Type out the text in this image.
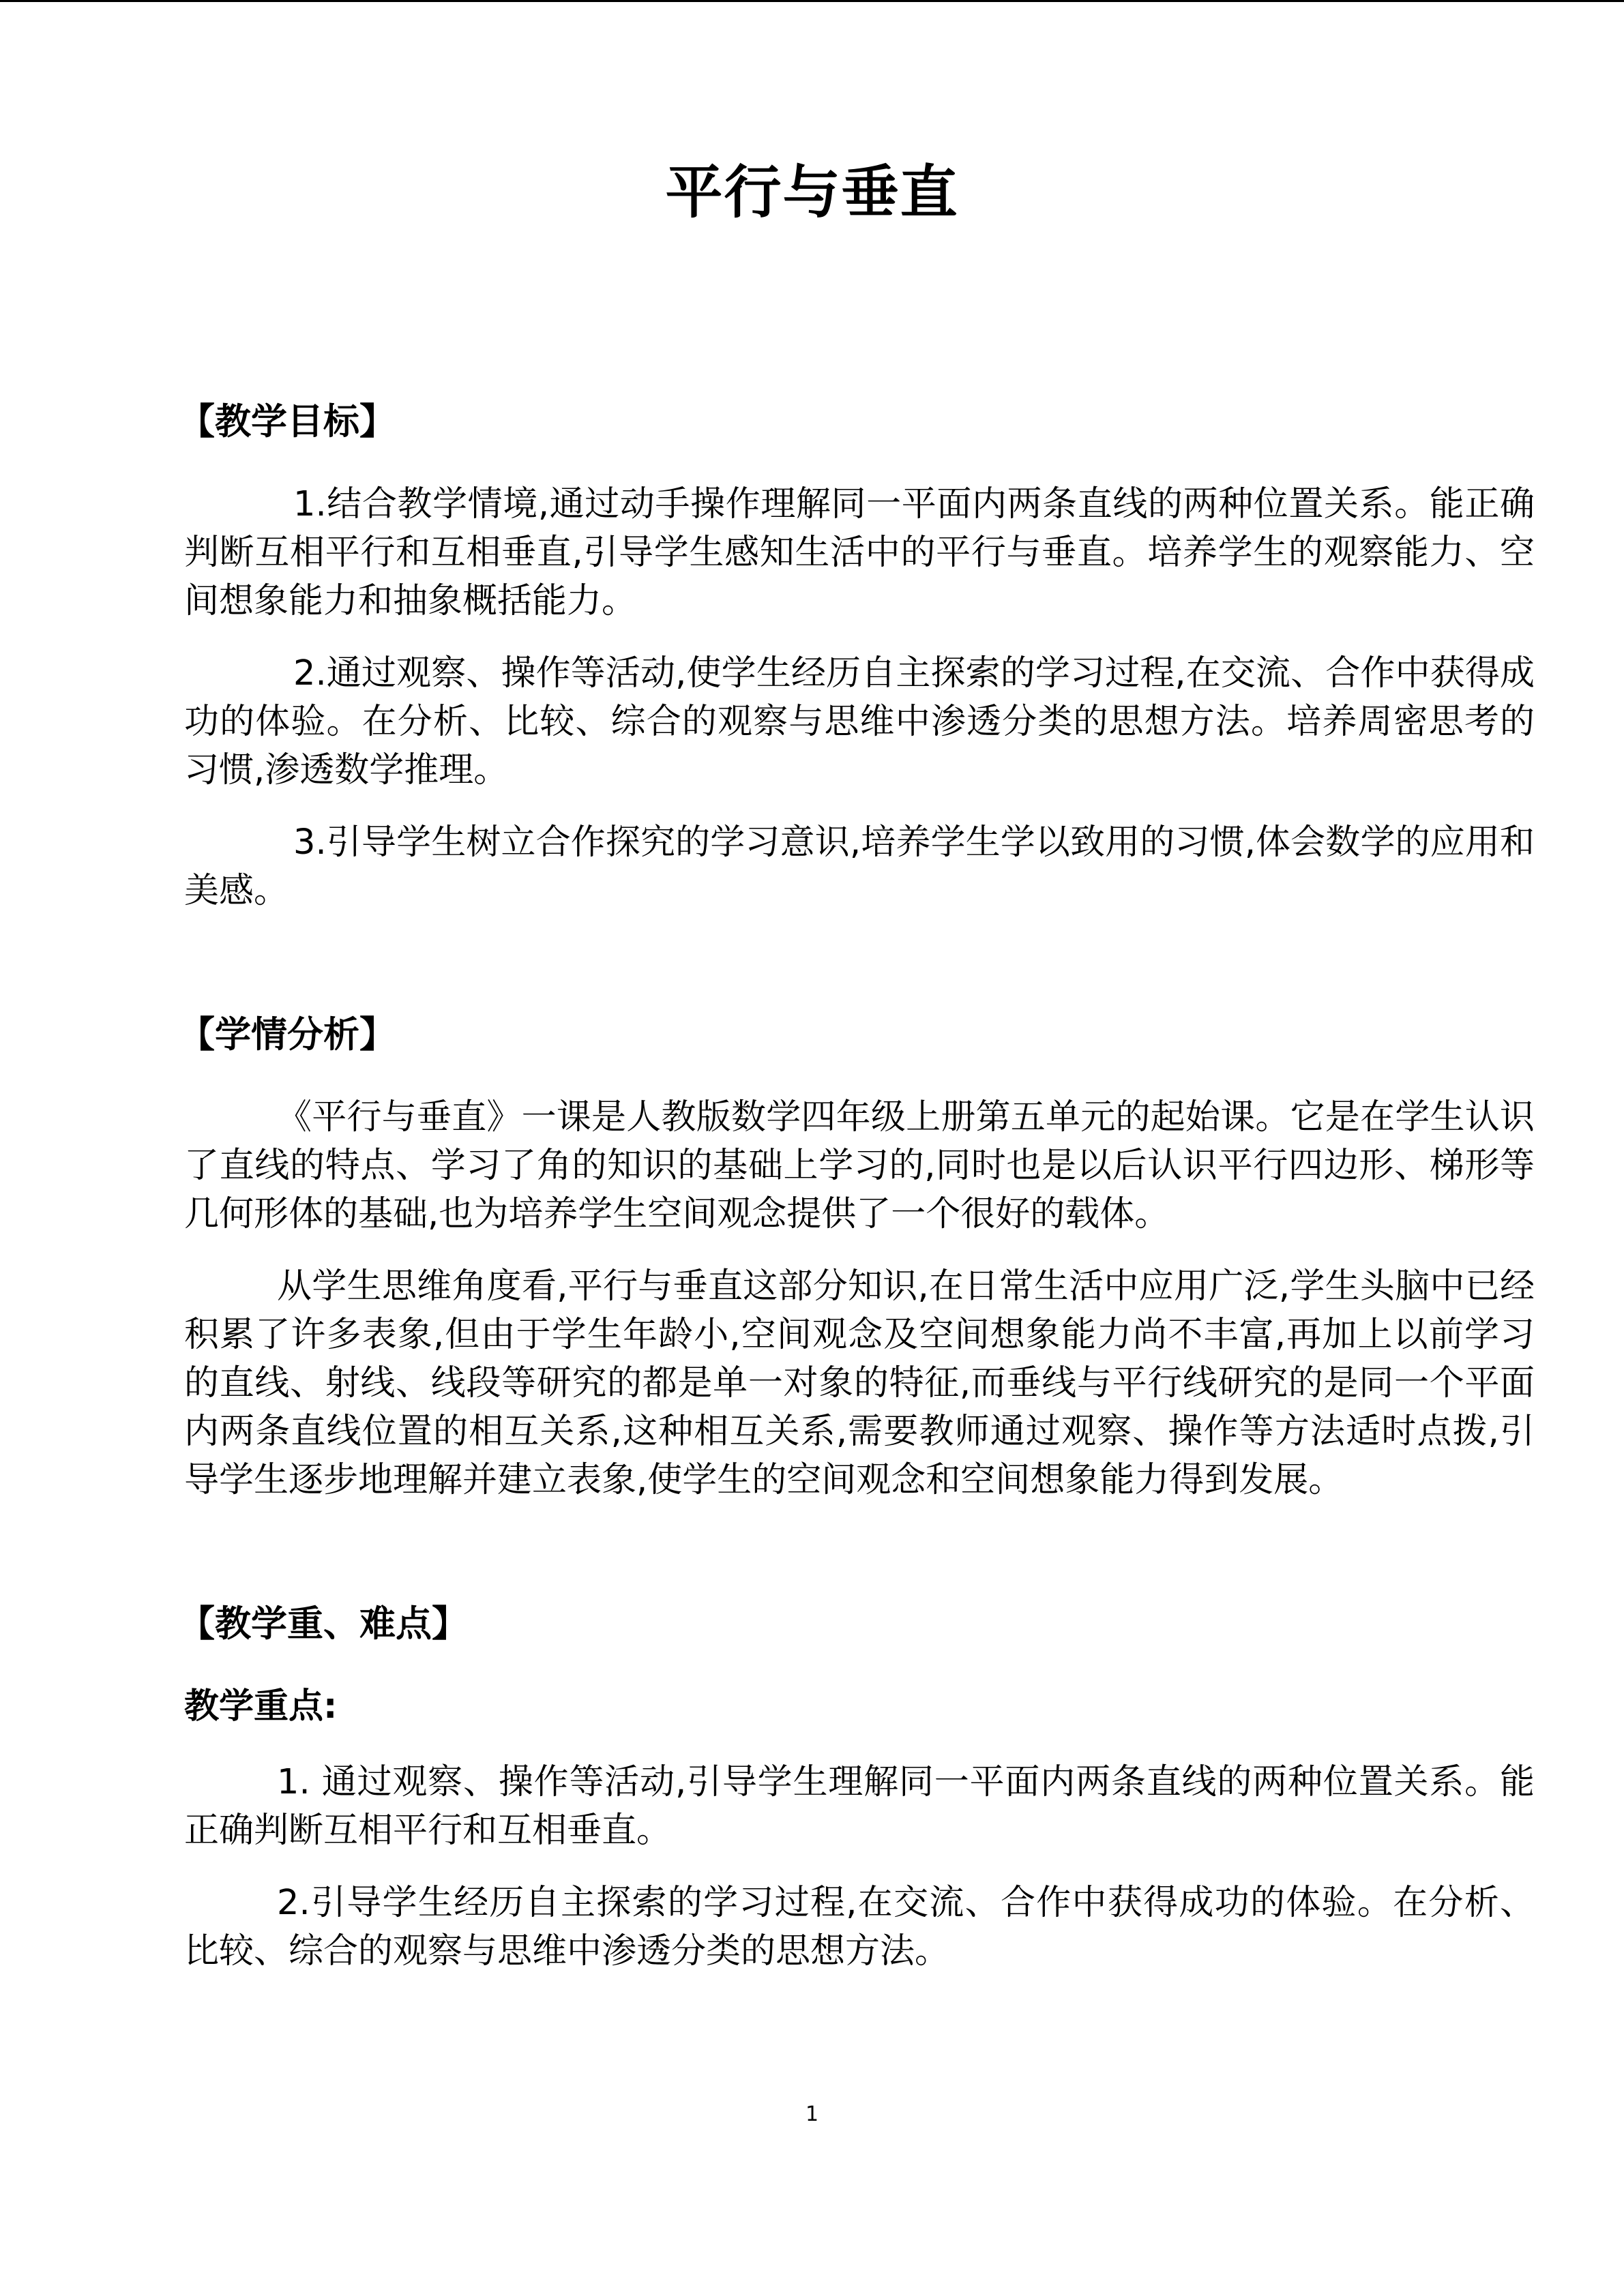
平行与垂直
【教学目标】

1.结合教学情境,通过动手操作理解同一平面内两条直线的两种位置关系。能正确判断互相平行和互相垂直,引导学生感知生活中的平行与垂直。培养学生的观察能力、空间想象能力和抽象概括能力。

2.通过观察、操作等活动,使学生经历自主探索的学习过程,在交流、合作中获得成功的体验。在分析、比较、综合的观察与思维中渗透分类的思想方法。培养周密思考的习惯,渗透数学推理。

3.引导学生树立合作探究的学习意识,培养学生学以致用的习惯,体会数学的应用和美感。

【学情分析】

《平行与垂直》一课是人教版数学四年级上册第五单元的起始课。它是在学生认识了直线的特点、学习了角的知识的基础上学习的,同时也是以后认识平行四边形、梯形等几何形体的基础,也为培养学生空间观念提供了一个很好的载体。

从学生思维角度看,平行与垂直这部分知识,在日常生活中应用广泛,学生头脑中已经积累了许多表象,但由于学生年龄小,空间观念及空间想象能力尚不丰富,再加上以前学习的直线、射线、线段等研究的都是单一对象的特征,而垂线与平行线研究的是同一个平面内两条直线位置的相互关系,这种相互关系,需要教师通过观察、操作等方法适时点拨,引导学生逐步地理解并建立表象,使学生的空间观念和空间想象能力得到发展。

【教学重、难点】
教学重点:

1. 通过观察、操作等活动,引导学生理解同一平面内两条直线的两种位置关系。能正确判断互相平行和互相垂直。

2.引导学生经历自主探索的学习过程,在交流、合作中获得成功的体验。在分析、比较、综合的观察与思维中渗透分类的思想方法。

1
